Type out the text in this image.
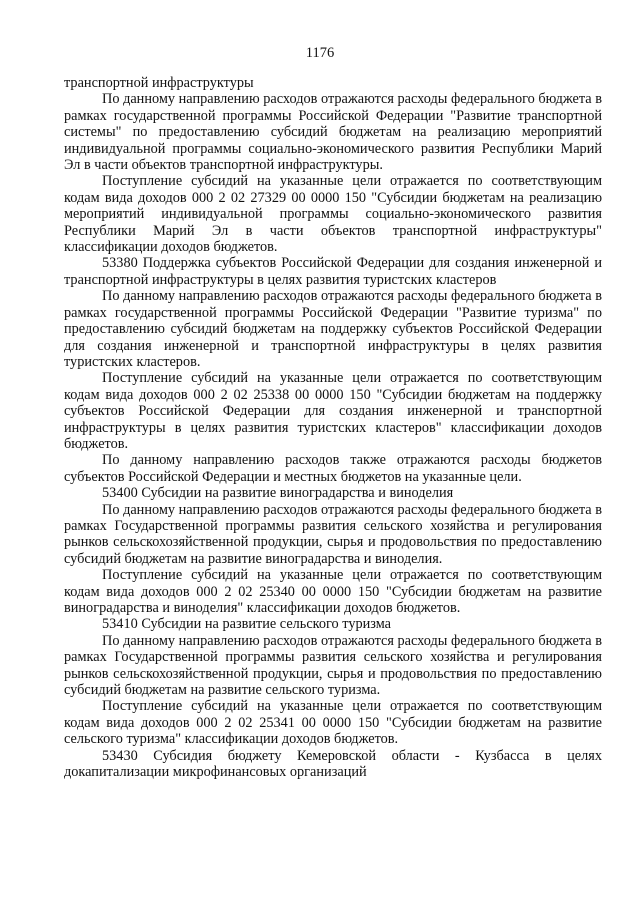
1176

транспортной инфраструктуры

По данному направлению расходов отражаются расходы федерального бюджета в рамках государственной программы Российской Федерации "Развитие транспортной системы" по предоставлению субсидий бюджетам на реализацию мероприятий индивидуальной программы социально-экономического развития Республики Марий Эл в части объектов транспортной инфраструктуры.

Поступление субсидий на указанные цели отражается по соответствующим кодам вида доходов 000 2 02 27329 00 0000 150 "Субсидии бюджетам на реализацию мероприятий индивидуальной программы социально-экономического развития Республики Марий Эл в части объектов транспортной инфраструктуры" классификации доходов бюджетов.

53380 Поддержка субъектов Российской Федерации для создания инженерной и транспортной инфраструктуры в целях развития туристских кластеров

По данному направлению расходов отражаются расходы федерального бюджета в рамках государственной программы Российской Федерации "Развитие туризма" по предоставлению субсидий бюджетам на поддержку субъектов Российской Федерации для создания инженерной и транспортной инфраструктуры в целях развития туристских кластеров.

Поступление субсидий на указанные цели отражается по соответствующим кодам вида доходов 000 2 02 25338 00 0000 150 "Субсидии бюджетам на поддержку субъектов Российской Федерации для создания инженерной и транспортной инфраструктуры в целях развития туристских кластеров" классификации доходов бюджетов.

По данному направлению расходов также отражаются расходы бюджетов субъектов Российской Федерации и местных бюджетов на указанные цели.

53400 Субсидии на развитие виноградарства и виноделия

По данному направлению расходов отражаются расходы федерального бюджета в рамках Государственной программы развития сельского хозяйства и регулирования рынков сельскохозяйственной продукции, сырья и продовольствия по предоставлению субсидий бюджетам на развитие виноградарства и виноделия.

Поступление субсидий на указанные цели отражается по соответствующим кодам вида доходов 000 2 02 25340 00 0000 150 "Субсидии бюджетам на развитие виноградарства и виноделия" классификации доходов бюджетов.

53410 Субсидии на развитие сельского туризма

По данному направлению расходов отражаются расходы федерального бюджета в рамках Государственной программы развития сельского хозяйства и регулирования рынков сельскохозяйственной продукции, сырья и продовольствия по предоставлению субсидий бюджетам на развитие сельского туризма.

Поступление субсидий на указанные цели отражается по соответствующим кодам вида доходов 000 2 02 25341 00 0000 150 "Субсидии бюджетам на развитие сельского туризма" классификации доходов бюджетов.

53430 Субсидия бюджету Кемеровской области - Кузбасса в целях докапитализации микрофинансовых организаций
